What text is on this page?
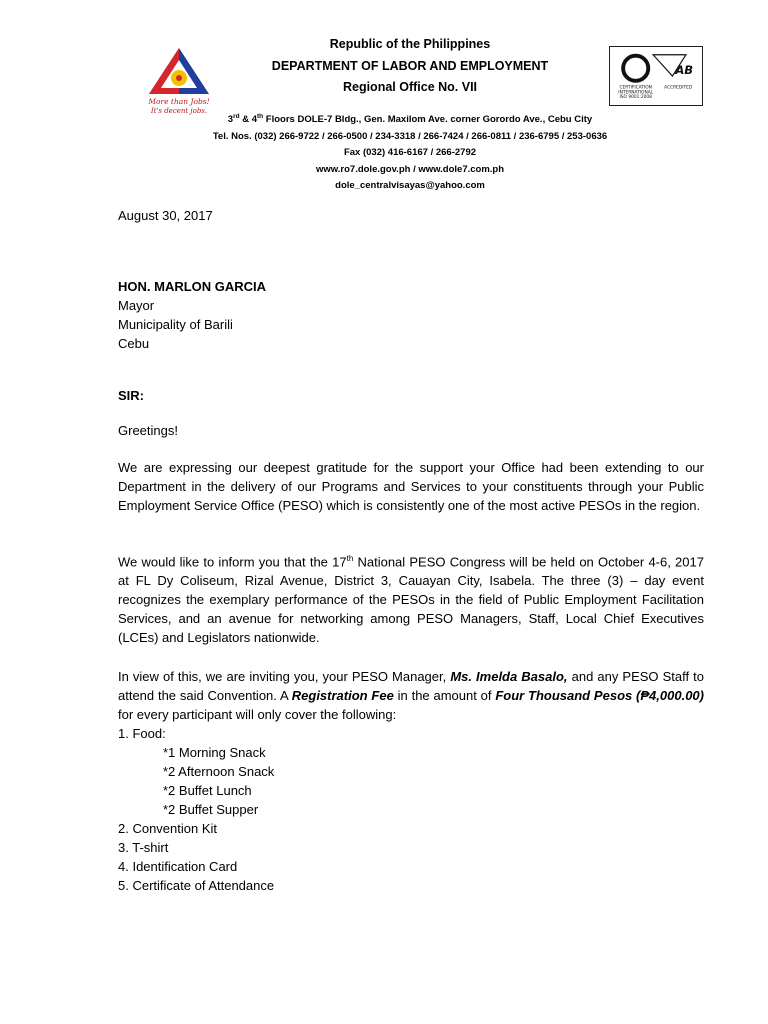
More than Jobs!
It's decent jobs.
AB
CERTIFICATION
INTERNATIONAL
ISO 9001:2008
ACCREDITED
Republic of the Philippines
DEPARTMENT OF LABOR AND EMPLOYMENT
Regional Office No. VII
3rd & 4th Floors DOLE-7 Bldg., Gen. Maxilom Ave. corner Gorordo Ave., Cebu City
Tel. Nos. (032) 266-9722 / 266-0500 / 234-3318 / 266-7424 / 266-0811 / 236-6795 / 253-0636
Fax (032) 416-6167 / 266-2792
www.ro7.dole.gov.ph / www.dole7.com.ph
dole_centralvisayas@yahoo.com
August 30, 2017
HON. MARLON GARCIA
Mayor
Municipality of Barili
Cebu
SIR:
Greetings!
We are expressing our deepest gratitude for the support your Office had been extending to our Department in the delivery of our Programs and Services to your constituents through your Public Employment Service Office (PESO) which is consistently one of the most active PESOs in the region.
We would like to inform you that the 17th National PESO Congress will be held on October 4-6, 2017 at FL Dy Coliseum, Rizal Avenue, District 3, Cauayan City, Isabela. The three (3) – day event recognizes the exemplary performance of the PESOs in the field of Public Employment Facilitation Services, and an avenue for networking among PESO Managers, Staff, Local Chief Executives (LCEs) and Legislators nationwide.
In view of this, we are inviting you, your PESO Manager, Ms. Imelda Basalo, and any PESO Staff to attend the said Convention. A Registration Fee in the amount of Four Thousand Pesos (₱4,000.00) for every participant will only cover the following:
1. Food:
*1 Morning Snack
*2 Afternoon Snack
*2 Buffet Lunch
*2 Buffet Supper
2. Convention Kit
3. T-shirt
4. Identification Card
5. Certificate of Attendance
